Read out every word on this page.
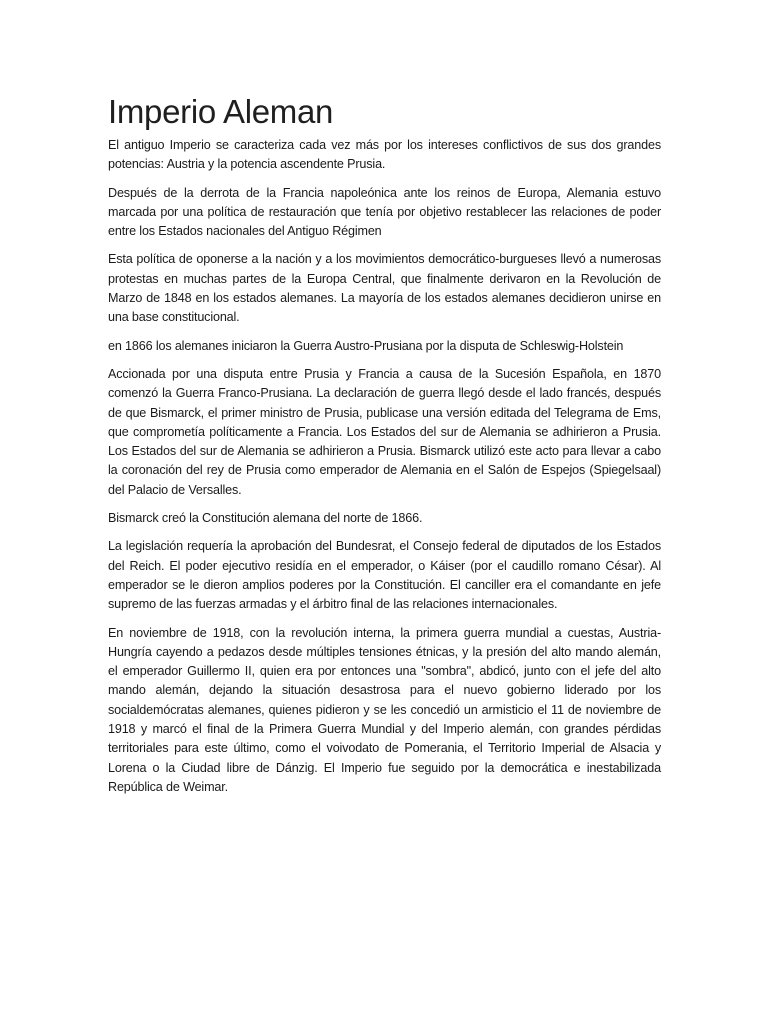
Imperio Aleman

El antiguo Imperio se caracteriza cada vez más por los intereses conflictivos de sus dos grandes potencias: Austria y la potencia ascendente Prusia.

Después de la derrota de la Francia napoleónica ante los reinos de Europa, Alemania estuvo marcada por una política de restauración que tenía por objetivo restablecer las relaciones de poder entre los Estados nacionales del Antiguo Régimen

Esta política de oponerse a la nación y a los movimientos democrático-burgueses llevó a numerosas protestas en muchas partes de la Europa Central, que finalmente derivaron en la Revolución de Marzo de 1848 en los estados alemanes. La mayoría de los estados alemanes decidieron unirse en una base constitucional.

en 1866 los alemanes iniciaron la Guerra Austro-Prusiana por la disputa de Schleswig-Holstein

Accionada por una disputa entre Prusia y Francia a causa de la Sucesión Española, en 1870 comenzó la Guerra Franco-Prusiana. La declaración de guerra llegó desde el lado francés, después de que Bismarck, el primer ministro de Prusia, publicase una versión editada del Telegrama de Ems, que comprometía políticamente a Francia. Los Estados del sur de Alemania se adhirieron a Prusia. Los Estados del sur de Alemania se adhirieron a Prusia. Bismarck utilizó este acto para llevar a cabo la coronación del rey de Prusia como emperador de Alemania en el Salón de Espejos (Spiegelsaal) del Palacio de Versalles.

Bismarck creó la Constitución alemana del norte de 1866.

La legislación requería la aprobación del Bundesrat, el Consejo federal de diputados de los Estados del Reich. El poder ejecutivo residía en el emperador, o Káiser (por el caudillo romano César). Al emperador se le dieron amplios poderes por la Constitución. El canciller era el comandante en jefe supremo de las fuerzas armadas y el árbitro final de las relaciones internacionales.

En noviembre de 1918, con la revolución interna, la primera guerra mundial a cuestas, Austria-Hungría cayendo a pedazos desde múltiples tensiones étnicas, y la presión del alto mando alemán, el emperador Guillermo II, quien era por entonces una "sombra", abdicó, junto con el jefe del alto mando alemán, dejando la situación desastrosa para el nuevo gobierno liderado por los socialdemócratas alemanes, quienes pidieron y se les concedió un armisticio el 11 de noviembre de 1918 y marcó el final de la Primera Guerra Mundial y del Imperio alemán, con grandes pérdidas territoriales para este último, como el voivodato de Pomerania, el Territorio Imperial de Alsacia y Lorena o la Ciudad libre de Dánzig. El Imperio fue seguido por la democrática e inestabilizada República de Weimar.
